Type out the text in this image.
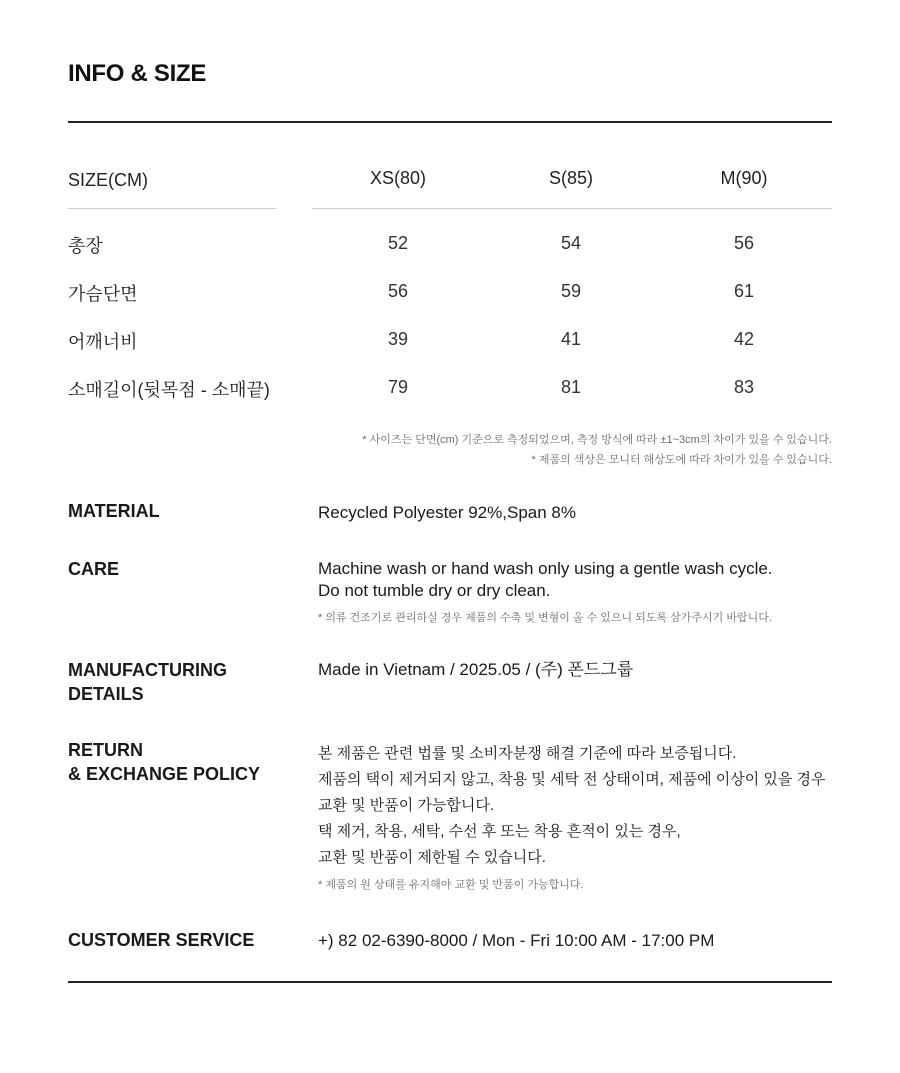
INFO & SIZE
SIZE(CM)	XS(80)	S(85)	M(90)
총장	52	54	56
가슴단면	56	59	61
어깨너비	39	41	42
소매길이(뒷목점 - 소매끝)	79	81	83
* 사이즈는 단면(cm) 기준으로 측정되었으며, 측정 방식에 따라 ±1~3cm의 차이가 있을 수 있습니다.
* 제품의 색상은 모니터 해상도에 따라 차이가 있을 수 있습니다.
MATERIAL	Recycled Polyester 92%,Span 8%
CARE	Machine wash or hand wash only using a gentle wash cycle.
Do not tumble dry or dry clean.
* 의류 건조기로 관리하실 경우 제품의 수축 및 변형이 올 수 있으니 되도록 삼가주시기 바랍니다.
MANUFACTURING
DETAILS
Made in Vietnam / 2025.05 / (주) 폰드그룹
RETURN
& EXCHANGE POLICY
본 제품은 관련 법률 및 소비자분쟁 해결 기준에 따라 보증됩니다.
제품의 택이 제거되지 않고, 착용 및 세탁 전 상태이며, 제품에 이상이 있을 경우
교환 및 반품이 가능합니다.
택 제거, 착용, 세탁, 수선 후 또는 착용 흔적이 있는 경우,
교환 및 반품이 제한될 수 있습니다.
* 제품의 원 상태를 유지해야 교환 및 반품이 가능합니다.
CUSTOMER SERVICE	+) 82 02-6390-8000 / Mon - Fri 10:00 AM - 17:00 PM
